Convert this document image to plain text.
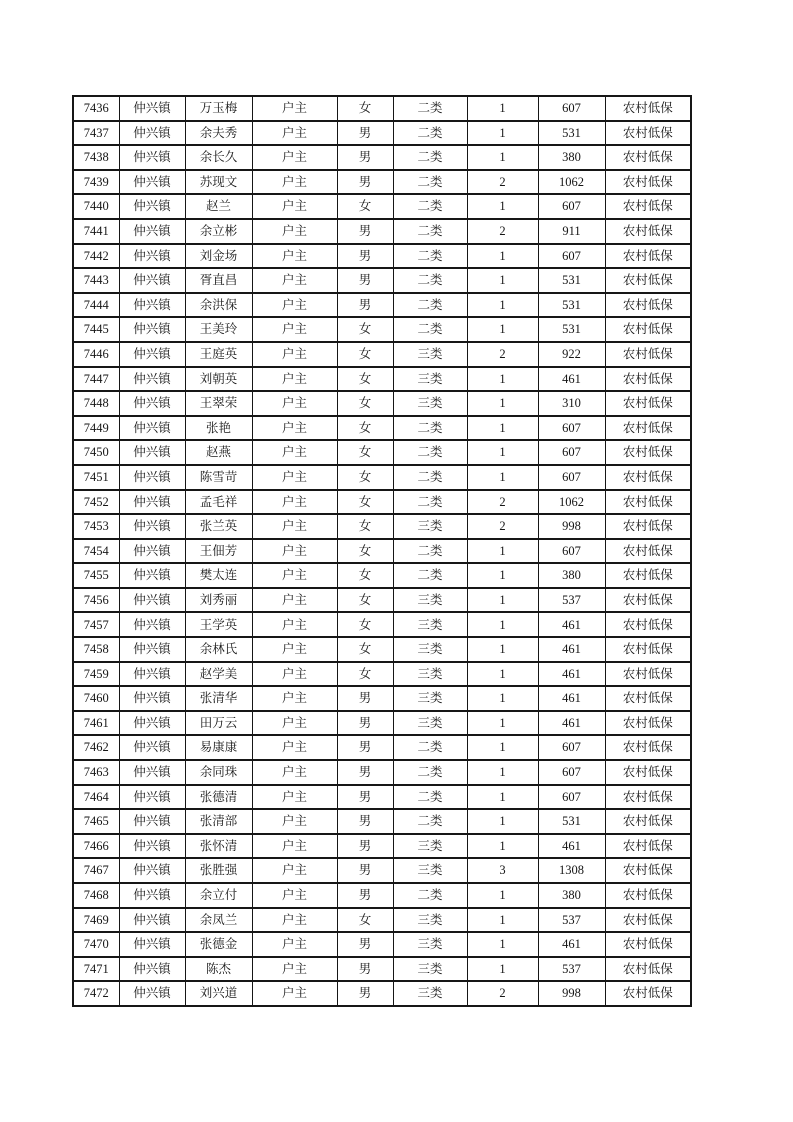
7436	仲兴镇	万玉梅	户主	女	二类	1	607	农村低保
7437	仲兴镇	余夫秀	户主	男	二类	1	531	农村低保
7438	仲兴镇	余长久	户主	男	二类	1	380	农村低保
7439	仲兴镇	苏现文	户主	男	二类	2	1062	农村低保
7440	仲兴镇	赵兰	户主	女	二类	1	607	农村低保
7441	仲兴镇	余立彬	户主	男	二类	2	911	农村低保
7442	仲兴镇	刘金场	户主	男	二类	1	607	农村低保
7443	仲兴镇	胥直昌	户主	男	二类	1	531	农村低保
7444	仲兴镇	余洪保	户主	男	二类	1	531	农村低保
7445	仲兴镇	王美玲	户主	女	二类	1	531	农村低保
7446	仲兴镇	王庭英	户主	女	三类	2	922	农村低保
7447	仲兴镇	刘朝英	户主	女	三类	1	461	农村低保
7448	仲兴镇	王翠荣	户主	女	三类	1	310	农村低保
7449	仲兴镇	张艳	户主	女	二类	1	607	农村低保
7450	仲兴镇	赵燕	户主	女	二类	1	607	农村低保
7451	仲兴镇	陈雪苛	户主	女	二类	1	607	农村低保
7452	仲兴镇	孟毛祥	户主	女	二类	2	1062	农村低保
7453	仲兴镇	张兰英	户主	女	三类	2	998	农村低保
7454	仲兴镇	王佃芳	户主	女	二类	1	607	农村低保
7455	仲兴镇	樊太连	户主	女	二类	1	380	农村低保
7456	仲兴镇	刘秀丽	户主	女	三类	1	537	农村低保
7457	仲兴镇	王学英	户主	女	三类	1	461	农村低保
7458	仲兴镇	余林氏	户主	女	三类	1	461	农村低保
7459	仲兴镇	赵学美	户主	女	三类	1	461	农村低保
7460	仲兴镇	张清华	户主	男	三类	1	461	农村低保
7461	仲兴镇	田万云	户主	男	三类	1	461	农村低保
7462	仲兴镇	易康康	户主	男	二类	1	607	农村低保
7463	仲兴镇	余同珠	户主	男	二类	1	607	农村低保
7464	仲兴镇	张德清	户主	男	二类	1	607	农村低保
7465	仲兴镇	张清部	户主	男	二类	1	531	农村低保
7466	仲兴镇	张怀清	户主	男	三类	1	461	农村低保
7467	仲兴镇	张胜强	户主	男	三类	3	1308	农村低保
7468	仲兴镇	余立付	户主	男	二类	1	380	农村低保
7469	仲兴镇	余凤兰	户主	女	三类	1	537	农村低保
7470	仲兴镇	张德金	户主	男	三类	1	461	农村低保
7471	仲兴镇	陈杰	户主	男	三类	1	537	农村低保
7472	仲兴镇	刘兴道	户主	男	三类	2	998	农村低保
